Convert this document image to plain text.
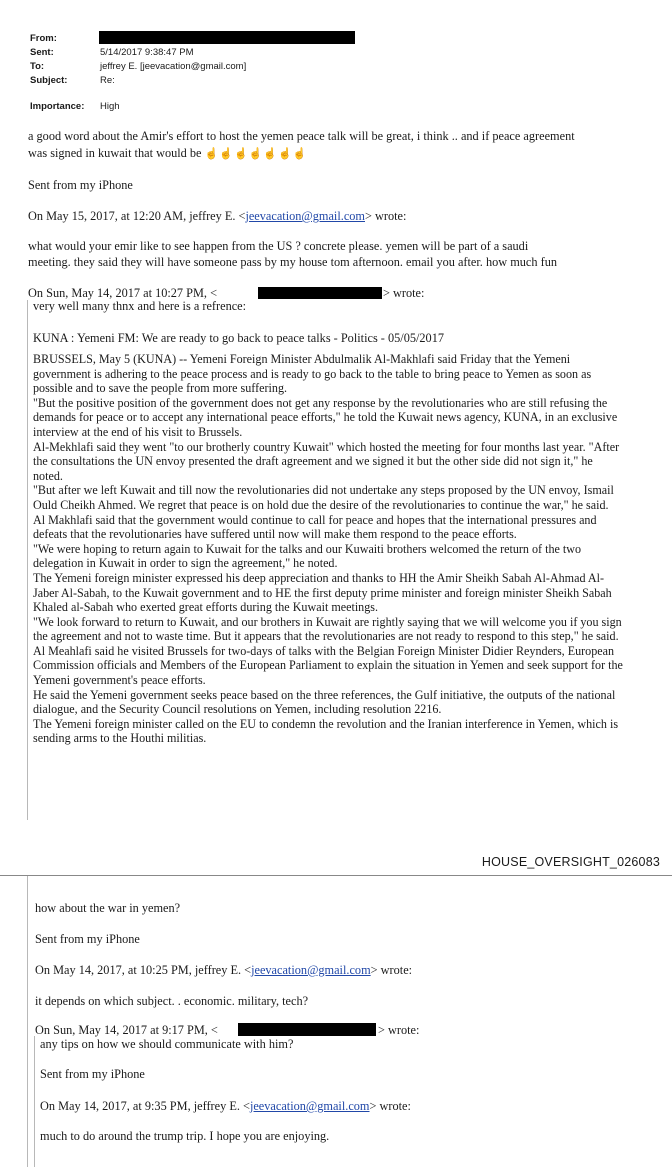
From:
Sent:	5/14/2017 9:38:47 PM
To:	jeffrey E. [jeevacation@gmail.com]
Subject:	Re:
Importance: High
a good word about the Amir's effort to host the yemen peace talk will be great, i think .. and if peace agreement
was signed in kuwait that would be ☝☝☝☝☝☝☝
Sent from my iPhone
On May 15, 2017, at 12:20 AM, jeffrey E. <jeevacation@gmail.com> wrote:
what would your emir like to see happen from the US ? concrete please. yemen will be part of a saudi
meeting. they said they will have someone pass by my house tom afternoon. email you after. how much fun
On Sun, May 14, 2017 at 10:27 PM, <	> wrote:
very well many thnx and here is a refrence:
KUNA : Yemeni FM: We are ready to go back to peace talks - Politics - 05/05/2017

BRUSSELS, May 5 (KUNA) -- Yemeni Foreign Minister Abdulmalik Al-Makhlafi said Friday that the Yemeni government is adhering to the peace process and is ready to go back to the table to bring peace to Yemen as soon as possible and to save the people from more suffering.

"But the positive position of the government does not get any response by the revolutionaries who are still refusing the demands for peace or to accept any international peace efforts," he told the Kuwait news agency, KUNA, in an exclusive interview at the end of his visit to Brussels.

Al-Mekhlafi said they went "to our brotherly country Kuwait" which hosted the meeting for four months last year. "After the consultations the UN envoy presented the draft agreement and we signed it but the other side did not sign it," he noted.

"But after we left Kuwait and till now the revolutionaries did not undertake any steps proposed by the UN envoy, Ismail Ould Cheikh Ahmed. We regret that peace is on hold due the desire of the revolutionaries to continue the war," he said.

Al Makhlafi said that the government would continue to call for peace and hopes that the international pressures and defeats that the revolutionaries have suffered until now will make them respond to the peace efforts.

"We were hoping to return again to Kuwait for the talks and our Kuwaiti brothers welcomed the return of the two delegation in Kuwait in order to sign the agreement," he noted.

The Yemeni foreign minister expressed his deep appreciation and thanks to HH the Amir Sheikh Sabah Al-Ahmad Al-Jaber Al-Sabah, to the Kuwait government and to HE the first deputy prime minister and foreign minister Sheikh Sabah Khaled al-Sabah who exerted great efforts during the Kuwait meetings.

"We look forward to return to Kuwait, and our brothers in Kuwait are rightly saying that we will welcome you if you sign the agreement and not to waste time. But it appears that the revolutionaries are not ready to respond to this step," he said.

Al Meahlafi said he visited Brussels for two-days of talks with the Belgian Foreign Minister Didier Reynders, European Commission officials and Members of the European Parliament to explain the situation in Yemen and seek support for the Yemeni government's peace efforts.

He said the Yemeni government seeks peace based on the three references, the Gulf initiative, the outputs of the national dialogue, and the Security Council resolutions on Yemen, including resolution 2216.

The Yemeni foreign minister called on the EU to condemn the revolution and the Iranian interference in Yemen, which is sending arms to the Houthi militias.

HOUSE_OVERSIGHT_026083
how about the war in yemen?
Sent from my iPhone
On May 14, 2017, at 10:25 PM, jeffrey E. <jeevacation@gmail.com> wrote:
it depends on which subject. . economic. military, tech?
On Sun, May 14, 2017 at 9:17 PM, <	> wrote:
any tips on how we should communicate with him?
Sent from my iPhone
On May 14, 2017, at 9:35 PM, jeffrey E. <jeevacation@gmail.com> wrote:
much to do around the trump trip. I hope you are enjoying.
